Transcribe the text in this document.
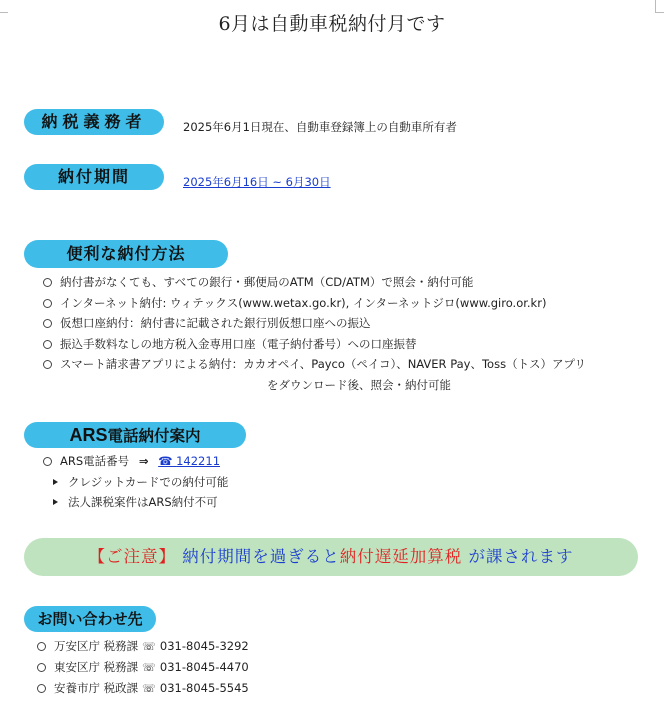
6月は自動車税納付月です
納税義務者	2025年6月1日現在、自動車登録簿上の自動車所有者
納付期間	2025年6月16日 ~ 6月30日
便利な納付方法
納付書がなくても、すべての銀行・郵便局のATM（CD/ATM）で照会・納付可能
インターネット納付: ウィテックス(www.wetax.go.kr), インターネットジロ(www.giro.or.kr)
仮想口座納付：納付書に記載された銀行別仮想口座への振込
振込手数料なしの地方税入金専用口座（電子納付番号）への口座振替
スマート請求書アプリによる納付：カカオペイ、Payco（ペイコ）、NAVER Pay、Toss（トス）アプリ
をダウンロード後、照会・納付可能
ARS電話納付案内
ARS電話番号 ⇒ ☎ 142211
クレジットカードでの納付可能
法人課税案件はARS納付不可
【ご注意】 納付期間を過ぎると納付遅延加算税 が課されます
お問い合わせ先
万安区庁 税務課 ☏ 031-8045-3292
東安区庁 税務課 ☏ 031-8045-4470
安養市庁 税政課 ☏ 031-8045-5545
